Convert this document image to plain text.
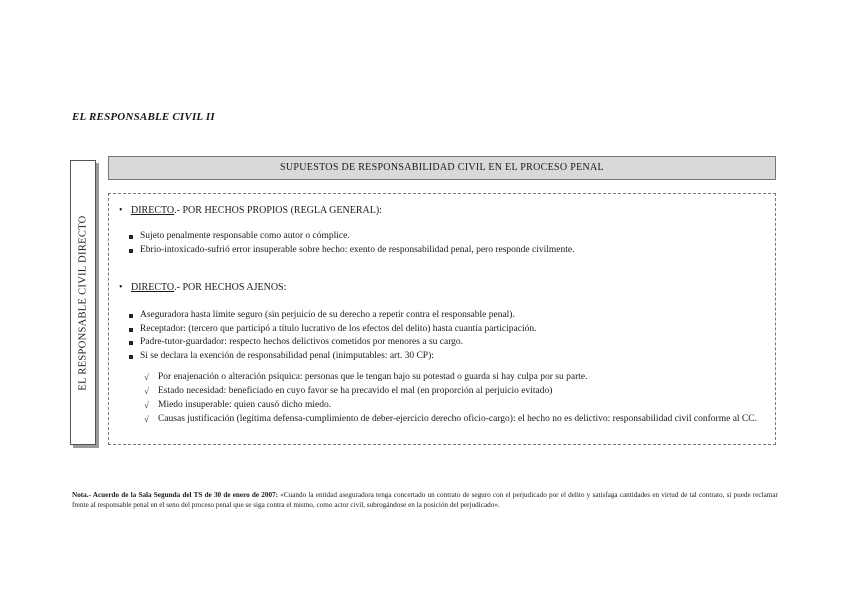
EL RESPONSABLE CIVIL II
EL RESPONSABLE CIVIL DIRECTO
SUPUESTOS DE RESPONSABILIDAD CIVIL EN EL PROCESO PENAL
• DIRECTO.- POR HECHOS PROPIOS (REGLA GENERAL):
Sujeto penalmente responsable como autor o cómplice.
Ebrio-intoxicado-sufrió error insuperable sobre hecho: exento de responsabilidad penal, pero responde civilmente.
• DIRECTO.- POR HECHOS AJENOS:
Aseguradora hasta límite seguro (sin perjuicio de su derecho a repetir contra el responsable penal).
Receptador: (tercero que participó a título lucrativo de los efectos del delito) hasta cuantía participación.
Padre-tutor-guardador: respecto hechos delictivos cometidos por menores a su cargo.
Si se declara la exención de responsabilidad penal (inimputables: art. 30 CP):
√ Por enajenación o alteración psíquica: personas que le tengan bajo su potestad o guarda si hay culpa por su parte.
√ Estado necesidad: beneficiado en cuyo favor se ha precavido el mal (en proporción al perjuicio evitado)
√ Miedo insuperable: quien causó dicho miedo.
√ Causas justificación (legítima defensa-cumplimiento de deber-ejercicio derecho oficio-cargo): el hecho no es delictivo: responsabilidad civil conforme al CC.
Nota.- Acuerdo de la Sala Segunda del TS de 30 de enero de 2007: «Cuando la entidad aseguradora tenga concertado un contrato de seguro con el perjudicado por el delito y satisfaga cantidades en virtud de tal contrato, sí puede reclamar frente al responsable penal en el seno del proceso penal que se siga contra el mismo, como actor civil, subrogándose en la posición del perjudicado».
